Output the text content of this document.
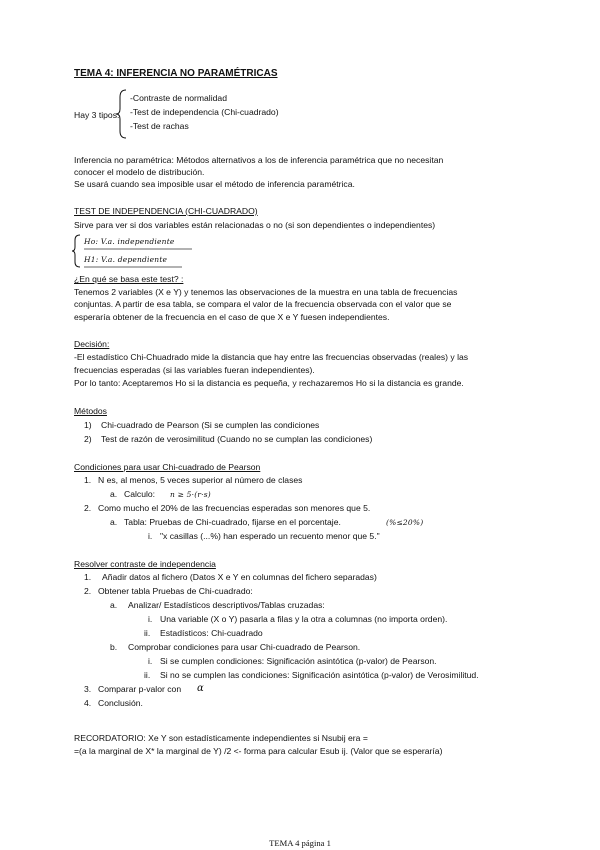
TEMA 4: INFERENCIA NO PARAMÉTRICAS
Hay 3 tipos:
-Contraste de normalidad
-Test de independencia (Chi-cuadrado)
-Test de rachas
Inferencia no paramétrica: Métodos alternativos a los de inferencia paramétrica que no necesitan
conocer el modelo de distribución.
Se usará cuando sea imposible usar el método de inferencia paramétrica.
TEST DE INDEPENDENCIA (CHI-CUADRADO)
Sirve para ver si dos variables están relacionadas o no (si son dependientes o independientes)
Ho: V.a. independiente
H1: V.a. dependiente
¿En qué se basa este test? :
Tenemos 2 variables (X e Y) y tenemos las observaciones de la muestra en una tabla de frecuencias
conjuntas. A partir de esa tabla, se compara el valor de la frecuencia observada con el valor que se
esperaría obtener de la frecuencia en el caso de que X e Y fuesen independientes.
Decisión:
-El estadístico Chi-Chuadrado mide la distancia que hay entre las frecuencias observadas (reales) y las
frecuencias esperadas (si las variables fueran independientes).
Por lo tanto: Aceptaremos Ho si la distancia es pequeña, y rechazaremos Ho si la distancia es grande.
Métodos
1) Chi-cuadrado de Pearson (Si se cumplen las condiciones
2) Test de razón de verosimilitud (Cuando no se cumplan las condiciones)
Condiciones para usar Chi-cuadrado de Pearson
1. N es, al menos, 5 veces superior al número de clases
a. Calculo: n ≥ 5·(r·s)
2. Como mucho el 20% de las frecuencias esperadas son menores que 5.
a. Tabla: Pruebas de Chi-cuadrado, fijarse en el porcentaje.	(%≤20%)
i. "x casillas (...%) han esperado un recuento menor que 5."
Resolver contraste de independencia
1. Añadir datos al fichero (Datos X e Y en columnas del fichero separadas)
2. Obtener tabla Pruebas de Chi-cuadrado:
a. Analizar/ Estadísticos descriptivos/Tablas cruzadas:
i. Una variable (X o Y) pasarla a filas y la otra a columnas (no importa orden).
ii. Estadísticos: Chi-cuadrado
b. Comprobar condiciones para usar Chi-cuadrado de Pearson.
i. Si se cumplen condiciones: Significación asintótica (p-valor) de Pearson.
ii. Si no se cumplen las condiciones: Significación asintótica (p-valor) de Verosimilitud.
3. Comparar p-valor con α
4. Conclusión.
RECORDATORIO: Xe Y son estadísticamente independientes si Nsubij era =
=(a la marginal de X* la marginal de Y) /2 <- forma para calcular Esub ij. (Valor que se esperaría)
TEMA 4 página 1
